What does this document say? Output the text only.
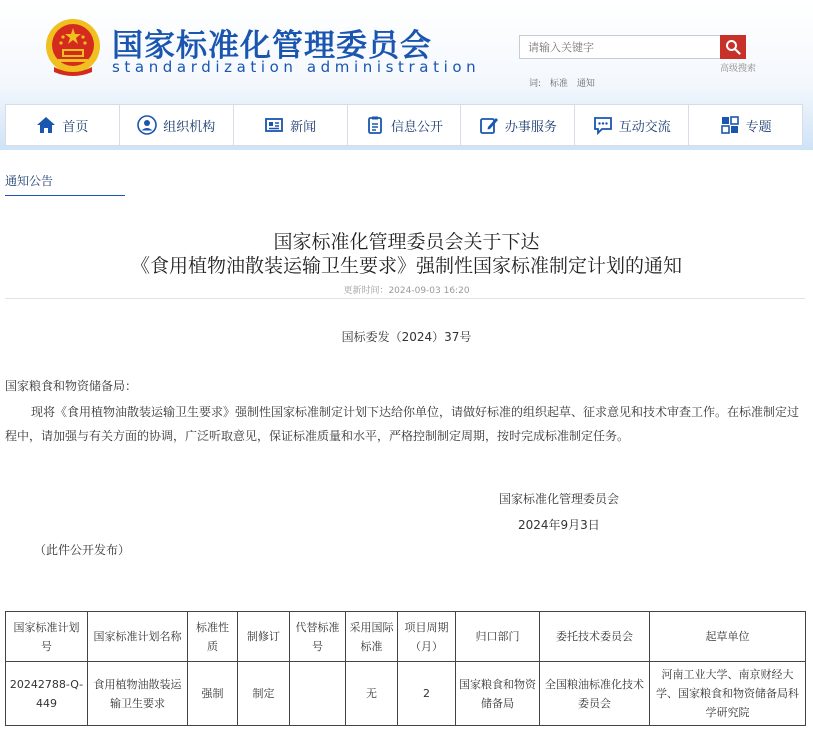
国家标准化管理委员会
standardization administration
请输入关键字	高级搜索
词: 标准 通知
首页	组织机构	新闻	信息公开	办事服务	互动交流	专题
通知公告
国家标准化管理委员会关于下达
《食用植物油散装运输卫生要求》强制性国家标准制定计划的通知
更新时间：2024-09-03 16:20
国标委发（2024）37号
国家粮食和物资储备局：
现将《食用植物油散装运输卫生要求》强制性国家标准制定计划下达给你单位，请做好标准的组织起草、征求意见和技术审查工作。在标准制定过程中，请加强与有关方面的协调，广泛听取意见，保证标准质量和水平，严格控制制定周期，按时完成标准制定任务。
国家标准化管理委员会
2024年9月3日
（此件公开发布）
国家标准计划号	国家标准计划名称	标准性质	制修订	代替标准号	采用国际标准	项目周期（月）	归口部门	委托技术委员会	起草单位
20242788-Q-449	食用植物油散装运输卫生要求	强制	制定		无	2	国家粮食和物资储备局	全国粮油标准化技术委员会	河南工业大学、南京财经大学、国家粮食和物资储备局科学研究院
